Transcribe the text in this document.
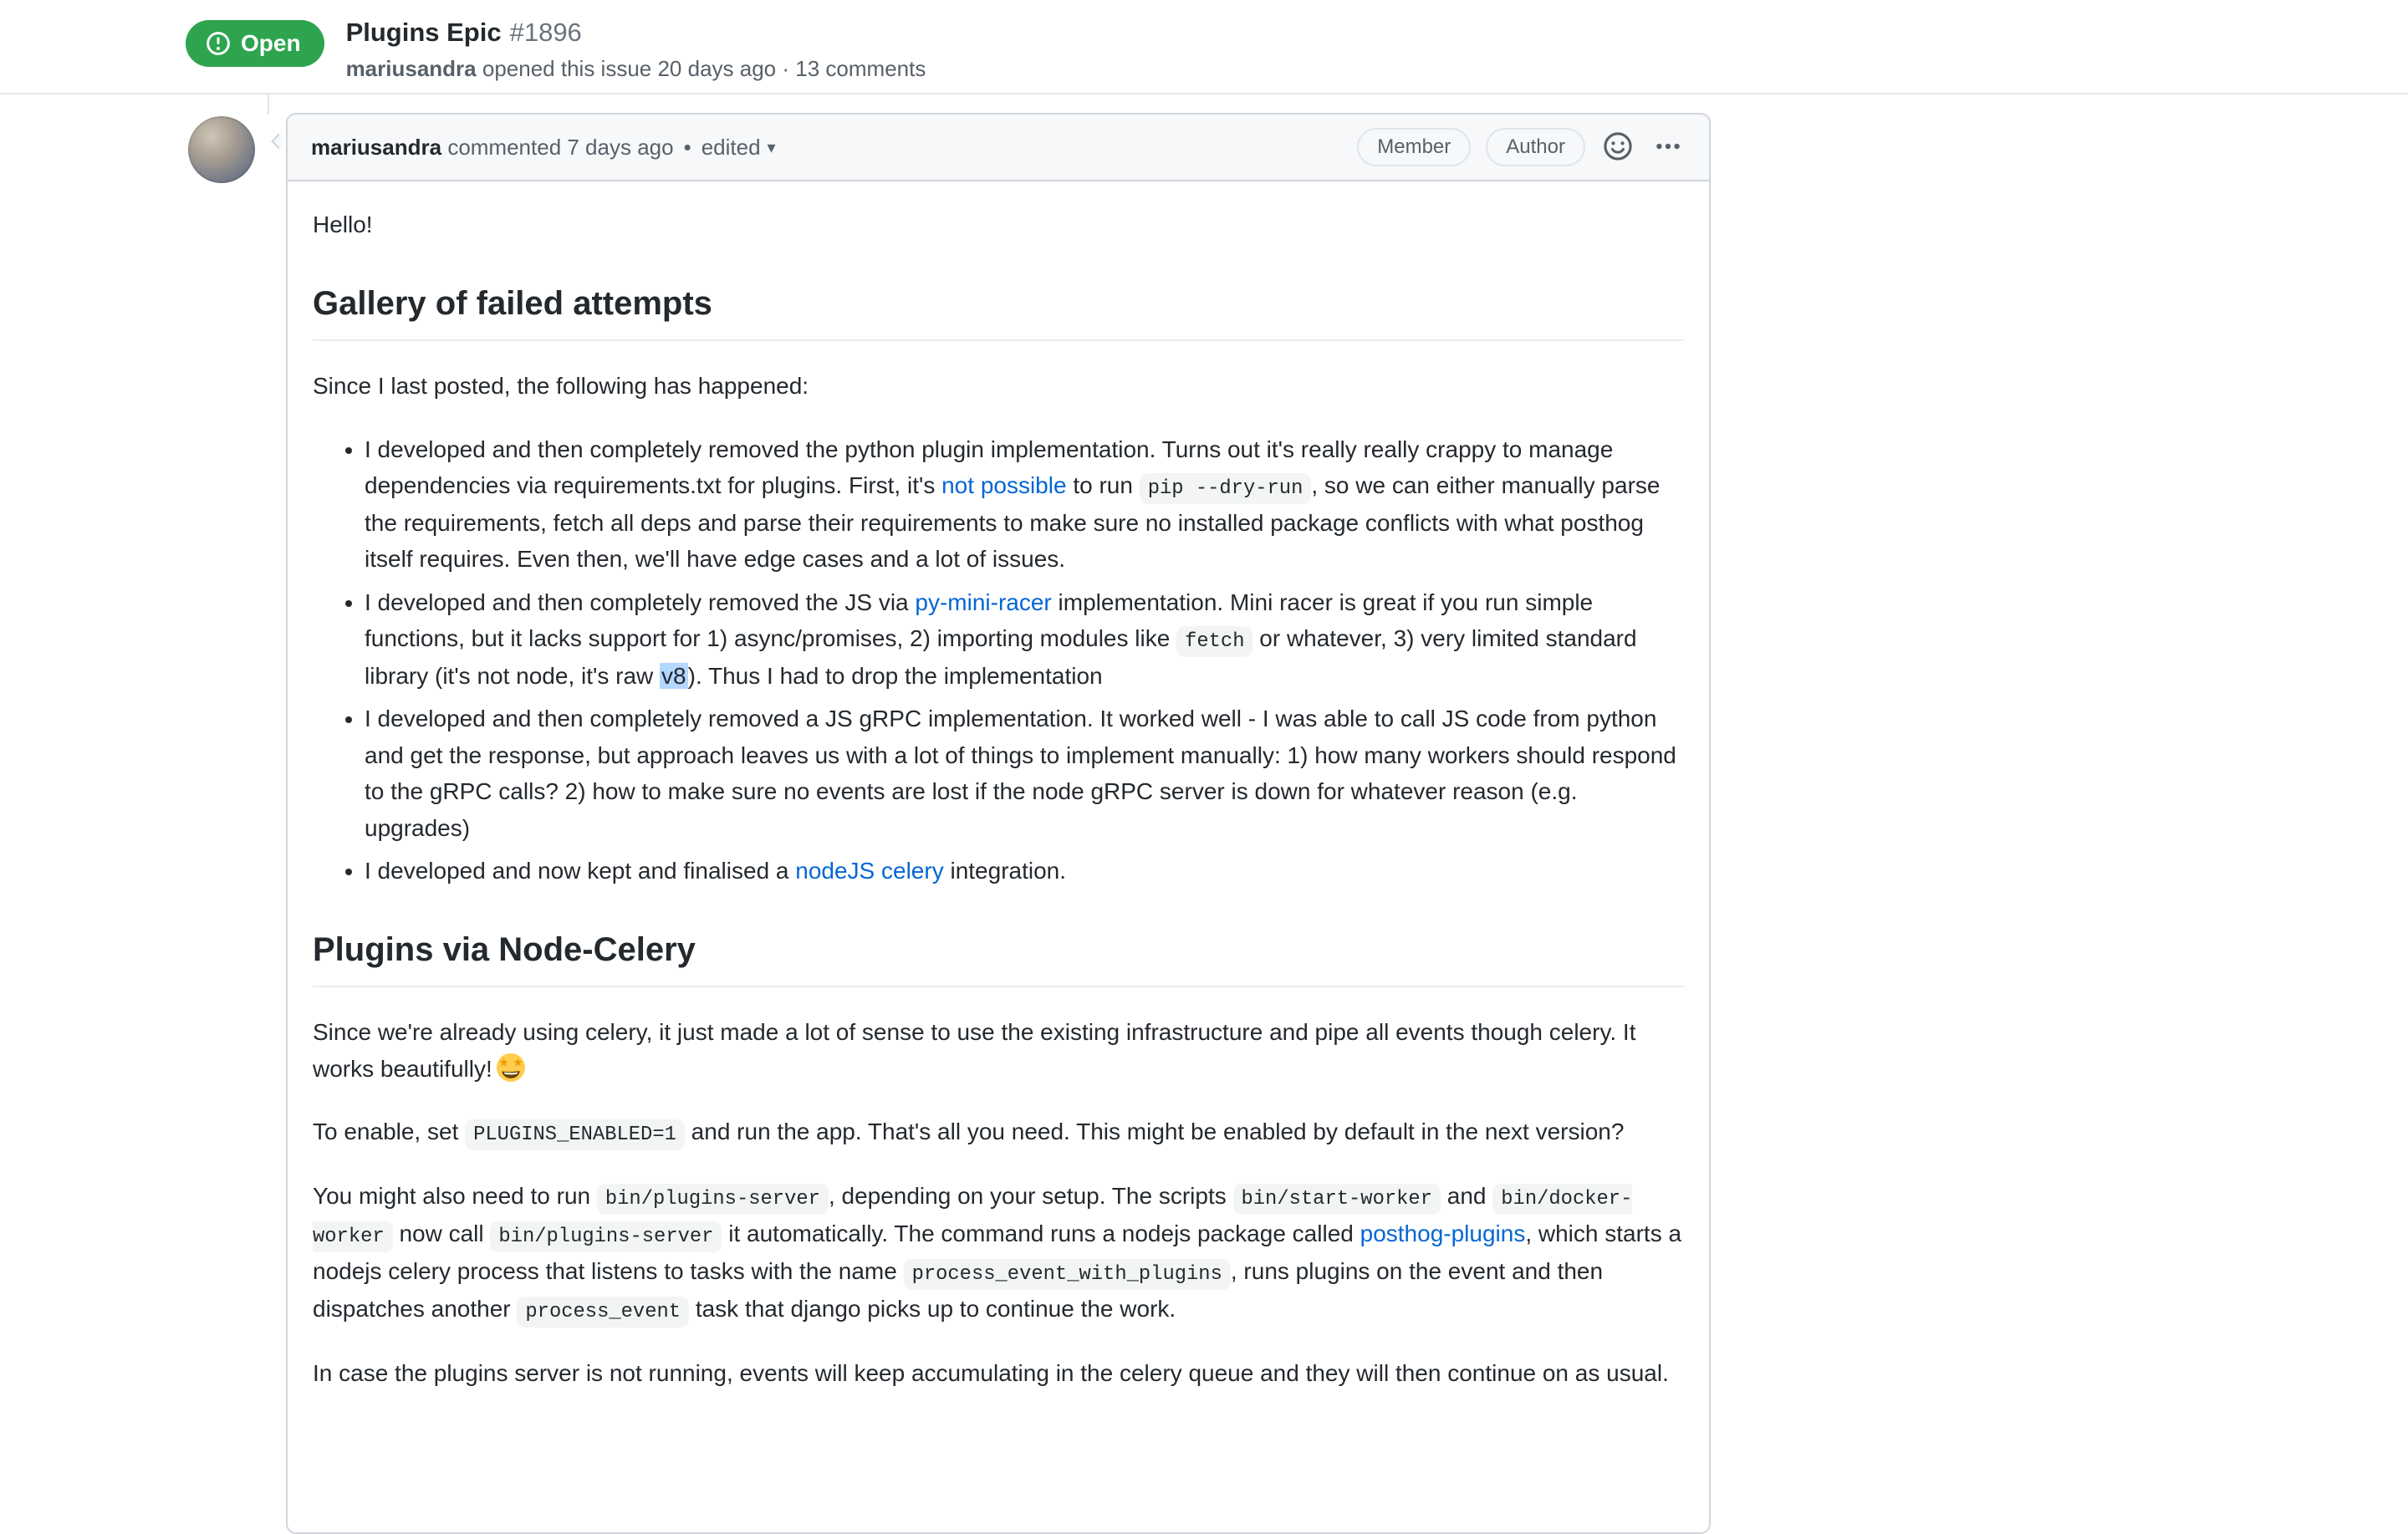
Open Plugins Epic #1896
mariusandra opened this issue 20 days ago · 13 comments
mariusandra
commented 7 days ago • edited ▾	Member	Author

Hello!

Gallery of failed attempts

Since I last posted, the following has happened:

• I developed and then completely removed the python plugin implementation. Turns out it's really really crappy to manage dependencies via requirements.txt for plugins. First, it's not possible to run pip --dry-run , so we can either manually parse the requirements, fetch all deps and parse their requirements to make sure no installed package conflicts with what posthog itself requires. Even then, we'll have edge cases and a lot of issues.
• I developed and then completely removed the JS via py-mini-racer implementation. Mini racer is great if you run simple functions, but it lacks support for 1) async/promises, 2) importing modules like fetch or whatever, 3) very limited standard library (it's not node, it's raw v8). Thus I had to drop the implementation
• I developed and then completely removed a JS gRPC implementation. It worked well - I was able to call JS code from python and get the response, but approach leaves us with a lot of things to implement manually: 1) how many workers should respond to the gRPC calls? 2) how to make sure no events are lost if the node gRPC server is down for whatever reason (e.g. upgrades)
• I developed and now kept and finalised a nodeJS celery integration.
Plugins via Node-Celery

Since we're already using celery, it just made a lot of sense to use the existing infrastructure and pipe all events though celery. It works beautifully! ★ ★

To enable, set PLUGINS_ENABLED=1 and run the app. That's all you need. This might be enabled by default in the next version?

You might also need to run bin/plugins-server , depending on your setup. The scripts bin/start-worker and bin/docker-worker now call bin/plugins-server it automatically. The command runs a nodejs package called posthog-plugins, which starts a nodejs celery process that listens to tasks with the name process_event_with_plugins , runs plugins on the event and then dispatches another process_event task that django picks up to continue the work.

In case the plugins server is not running, events will keep accumulating in the celery queue and they will then continue on as usual.
